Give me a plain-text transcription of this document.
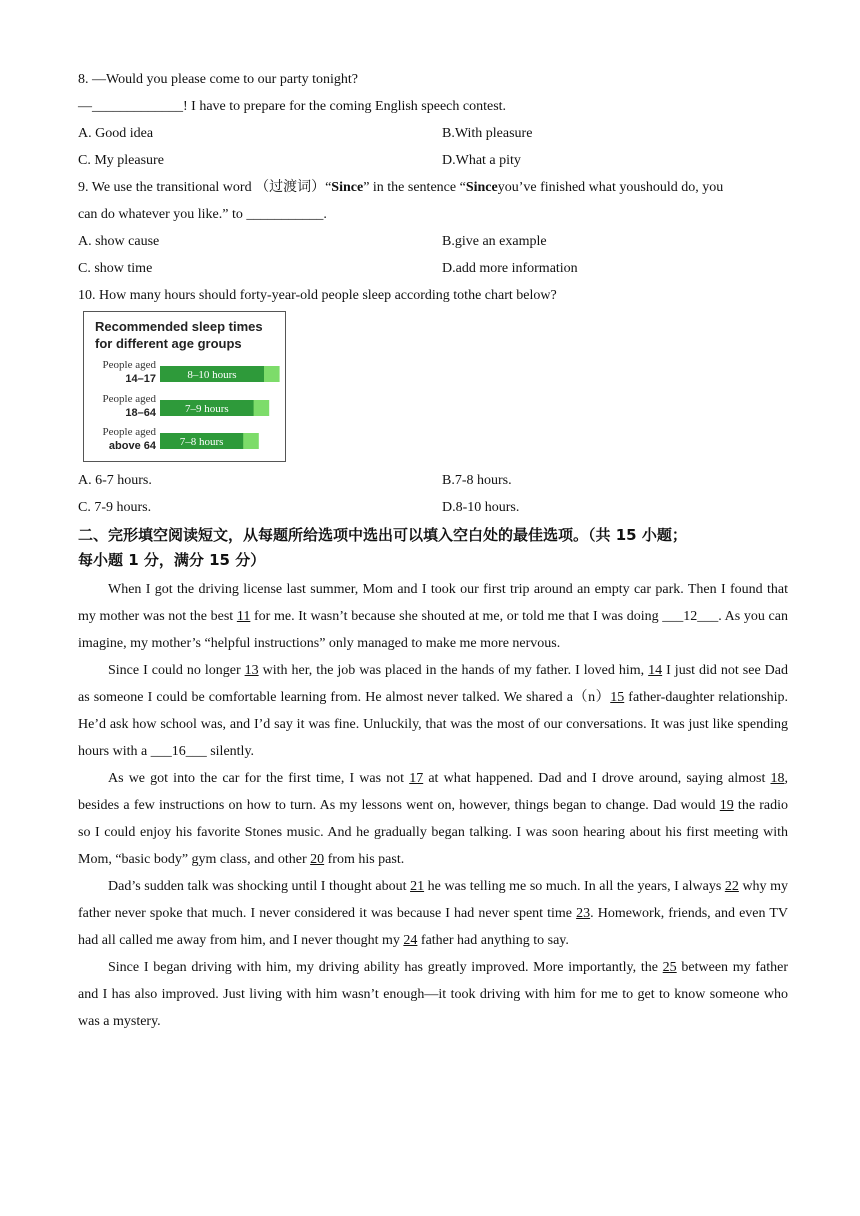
8. —Would you please come to our party tonight?
—_____________! I have to prepare for the coming English speech contest.
A. Good idea	B.With pleasure
C. My pleasure	D.What a pity
9. We use the transitional word （过渡词）“Since” in the sentence “Sinceyou’ve finished what youshould do, you
can do whatever you like.” to ___________.
A. show cause	B.give an example
C. show time	D.add more information
10. How many hours should forty-year-old people sleep according tothe chart below?
Recommended sleep times
for different age groups
People aged
14–17	8–10 hours
People aged
18–64	7–9 hours
People aged
above 64 7–8 hours
A. 6-7 hours.	B.7-8 hours.
C. 7-9 hours.	D.8-10 hours.
二、完形填空阅读短文，从每题所给选项中选出可以填入空白处的最佳选项。（共 15 小题；
每小题 1 分，满分 15 分）

When I got the driving license last summer, Mom and I took our first trip around an empty car park. Then I found that my mother was not the best 11 for me. It wasn’t because she shouted at me, or told me that I was doing ___12___. As you can imagine, my mother’s “helpful instructions” only managed to make me more nervous.

Since I could no longer 13 with her, the job was placed in the hands of my father. I loved him, 14 I just did not see Dad as someone I could be comfortable learning from. He almost never talked. We shared a（n）15 father-daughter relationship. He’d ask how school was, and I’d say it was fine. Unluckily, that was the most of our conversations. It was just like spending hours with a ___16___ silently.

As we got into the car for the first time, I was not 17 at what happened. Dad and I drove around, saying almost 18, besides a few instructions on how to turn. As my lessons went on, however, things began to change. Dad would 19 the radio so I could enjoy his favorite Stones music. And he gradually began talking. I was soon hearing about his first meeting with Mom, “basic body” gym class, and other 20 from his past.

Dad’s sudden talk was shocking until I thought about 21 he was telling me so much. In all the years, I always 22 why my father never spoke that much. I never considered it was because I had never spent time 23. Homework, friends, and even TV had all called me away from him, and I never thought my 24 father had anything to say.

Since I began driving with him, my driving ability has greatly improved. More importantly, the 25 between my father and I has also improved. Just living with him wasn’t enough—it took driving with him for me to get to know someone who was a mystery.
